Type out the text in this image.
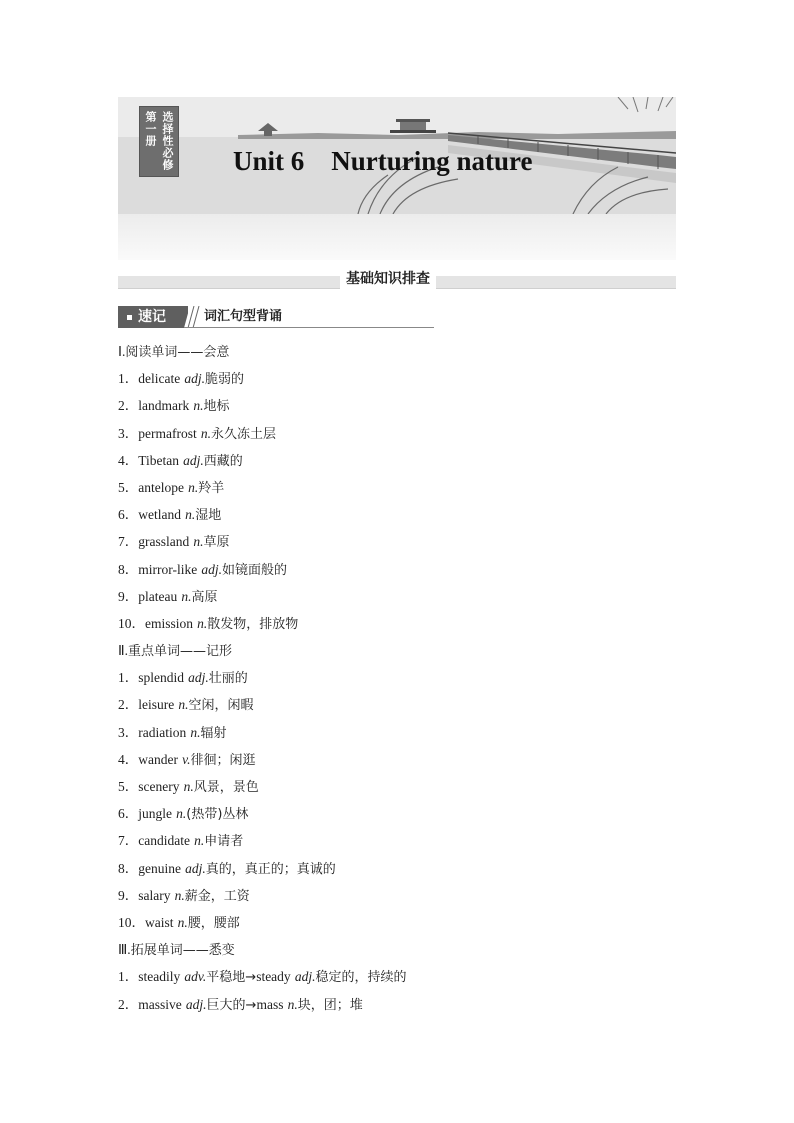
选择性必修
第一册
Unit 6    Nurturing nature
基础知识排查
速记	词汇句型背诵
Ⅰ.阅读单词——会意
1．delicate adj.脆弱的
2．landmark n.地标
3．permafrost n.永久冻土层
4．Tibetan adj.西藏的
5．antelope n.羚羊
6．wetland n.湿地
7．grassland n.草原
8．mirror-like adj.如镜面般的
9．plateau n.高原
10．emission n.散发物，排放物
Ⅱ.重点单词——记形
1．splendid adj.壮丽的
2．leisure n.空闲，闲暇
3．radiation n.辐射
4．wander v.徘徊；闲逛
5．scenery n.风景，景色
6．jungle n.(热带)丛林
7．candidate n.申请者
8．genuine adj.真的，真正的；真诚的
9．salary n.薪金，工资
10．waist n.腰，腰部
Ⅲ.拓展单词——悉变
1．steadily adv.平稳地→steady adj.稳定的，持续的
2．massive adj.巨大的→mass n.块，团；堆
